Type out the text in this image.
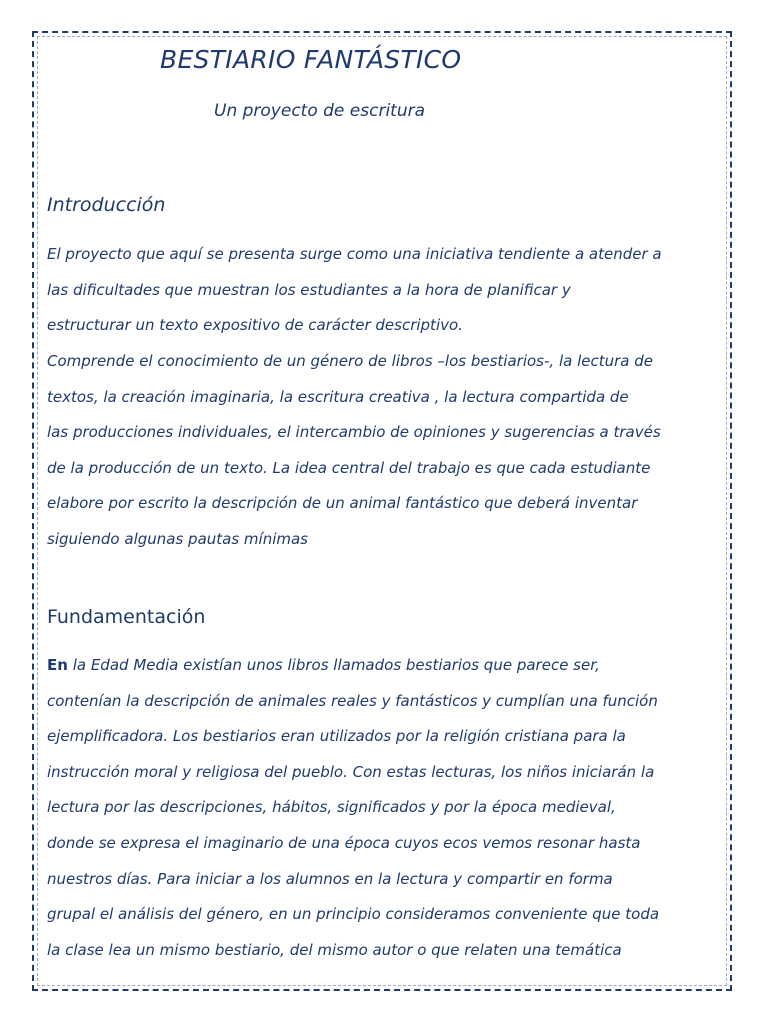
BESTIARIO FANTÁSTICO
Un proyecto de escritura
Introducción
El proyecto que aquí se presenta surge como una iniciativa tendiente a atender a
las dificultades que muestran los estudiantes a la hora de planificar y
estructurar un texto expositivo de carácter descriptivo.
Comprende el conocimiento de un género de libros –los bestiarios-, la lectura de
textos, la creación imaginaria, la escritura creativa , la lectura compartida de
las producciones individuales, el intercambio de opiniones y sugerencias a través
de la producción de un texto. La idea central del trabajo es que cada estudiante
elabore por escrito la descripción de un animal fantástico que deberá inventar
siguiendo algunas pautas mínimas
Fundamentación
En la Edad Media existían unos libros llamados bestiarios que parece ser,
contenían la descripción de animales reales y fantásticos y cumplían una función
ejemplificadora. Los bestiarios eran utilizados por la religión cristiana para la
instrucción moral y religiosa del pueblo. Con estas lecturas, los niños iniciarán la
lectura por las descripciones, hábitos, significados y por la época medieval,
donde se expresa el imaginario de una época cuyos ecos vemos resonar hasta
nuestros días. Para iniciar a los alumnos en la lectura y compartir en forma
grupal el análisis del género, en un principio consideramos conveniente que toda
la clase lea un mismo bestiario, del mismo autor o que relaten una temática
